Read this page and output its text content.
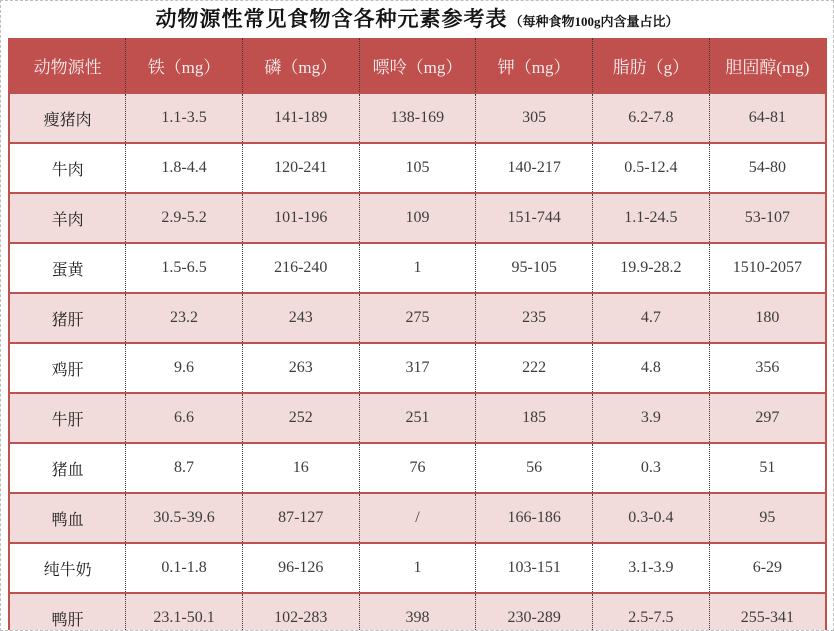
动物源性常见食物含各种元素参考表 （每种食物100g内含量占比）
动物源性	铁（mg）	磷（mg）	嘌呤（mg）	钾（mg）	脂肪（g）	胆固醇(mg)
瘦猪肉	1.1-3.5	141-189	138-169	305	6.2-7.8	64-81
牛肉	1.8-4.4	120-241	105	140-217	0.5-12.4	54-80
羊肉	2.9-5.2	101-196	109	151-744	1.1-24.5	53-107
蛋黄	1.5-6.5	216-240	1	95-105	19.9-28.2	1510-2057
猪肝	23.2	243	275	235	4.7	180
鸡肝	9.6	263	317	222	4.8	356
牛肝	6.6	252	251	185	3.9	297
猪血	8.7	16	76	56	0.3	51
鸭血	30.5-39.6	87-127	/	166-186	0.3-0.4	95
纯牛奶	0.1-1.8	96-126	1	103-151	3.1-3.9	6-29
鸭肝	23.1-50.1	102-283	398	230-289	2.5-7.5	255-341
